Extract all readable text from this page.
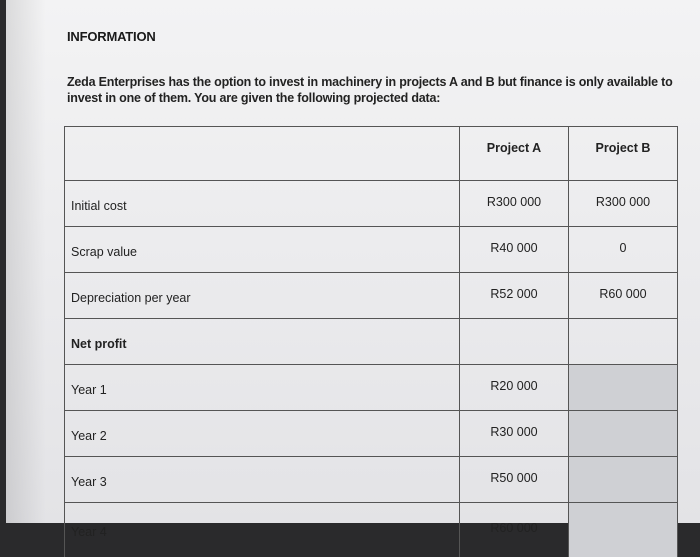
INFORMATION
Zeda Enterprises has the option to invest in machinery in projects A and B but finance is only available to invest in one of them. You are given the following projected data:
	Project A	Project B
Initial cost	R300 000	R300 000
Scrap value	R40 000	0
Depreciation per year	R52 000	R60 000
Net profit		
Year 1	R20 000	
Year 2	R30 000	
Year 3	R50 000	
Year 4	R60 000	
